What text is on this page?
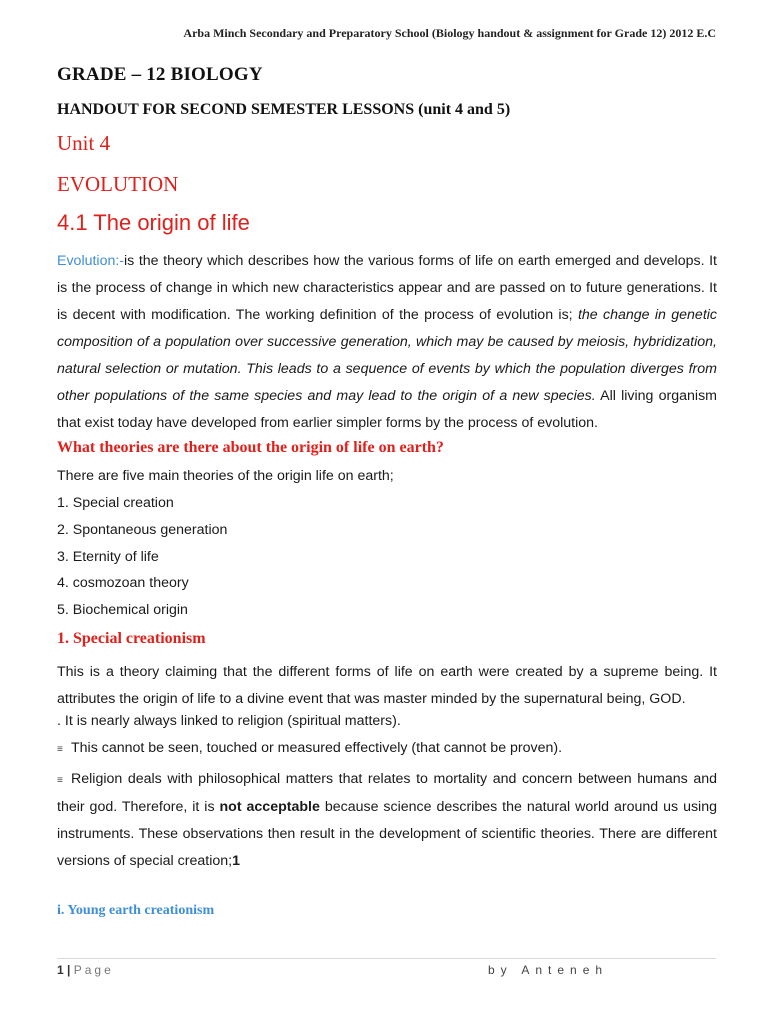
Arba Minch Secondary and Preparatory School (Biology handout & assignment for Grade 12) 2012 E.C
GRADE – 12 BIOLOGY
HANDOUT FOR SECOND SEMESTER LESSONS (unit 4 and 5)
Unit 4
EVOLUTION
4.1 The origin of life
Evolution:-is the theory which describes how the various forms of life on earth emerged and develops. It is the process of change in which new characteristics appear and are passed on to future generations. It is decent with modification. The working definition of the process of evolution is; the change in genetic composition of a population over successive generation, which may be caused by meiosis, hybridization, natural selection or mutation. This leads to a sequence of events by which the population diverges from other populations of the same species and may lead to the origin of a new species. All living organism that exist today have developed from earlier simpler forms by the process of evolution.
What theories are there about the origin of life on earth?
There are five main theories of the origin life on earth;
1. Special creation
2. Spontaneous generation
3. Eternity of life
4. cosmozoan theory
5. Biochemical origin
1. Special creationism
This is a theory claiming that the different forms of life on earth were created by a supreme being. It attributes the origin of life to a divine event that was master minded by the supernatural being, GOD.
. It is nearly always linked to religion (spiritual matters).
≡ This cannot be seen, touched or measured effectively (that cannot be proven).
≡ Religion deals with philosophical matters that relates to mortality and concern between humans and their god. Therefore, it is not acceptable because science describes the natural world around us using instruments. These observations then result in the development of scientific theories. There are different versions of special creation;1
i. Young earth creationism
1 | Page	by Anteneh
